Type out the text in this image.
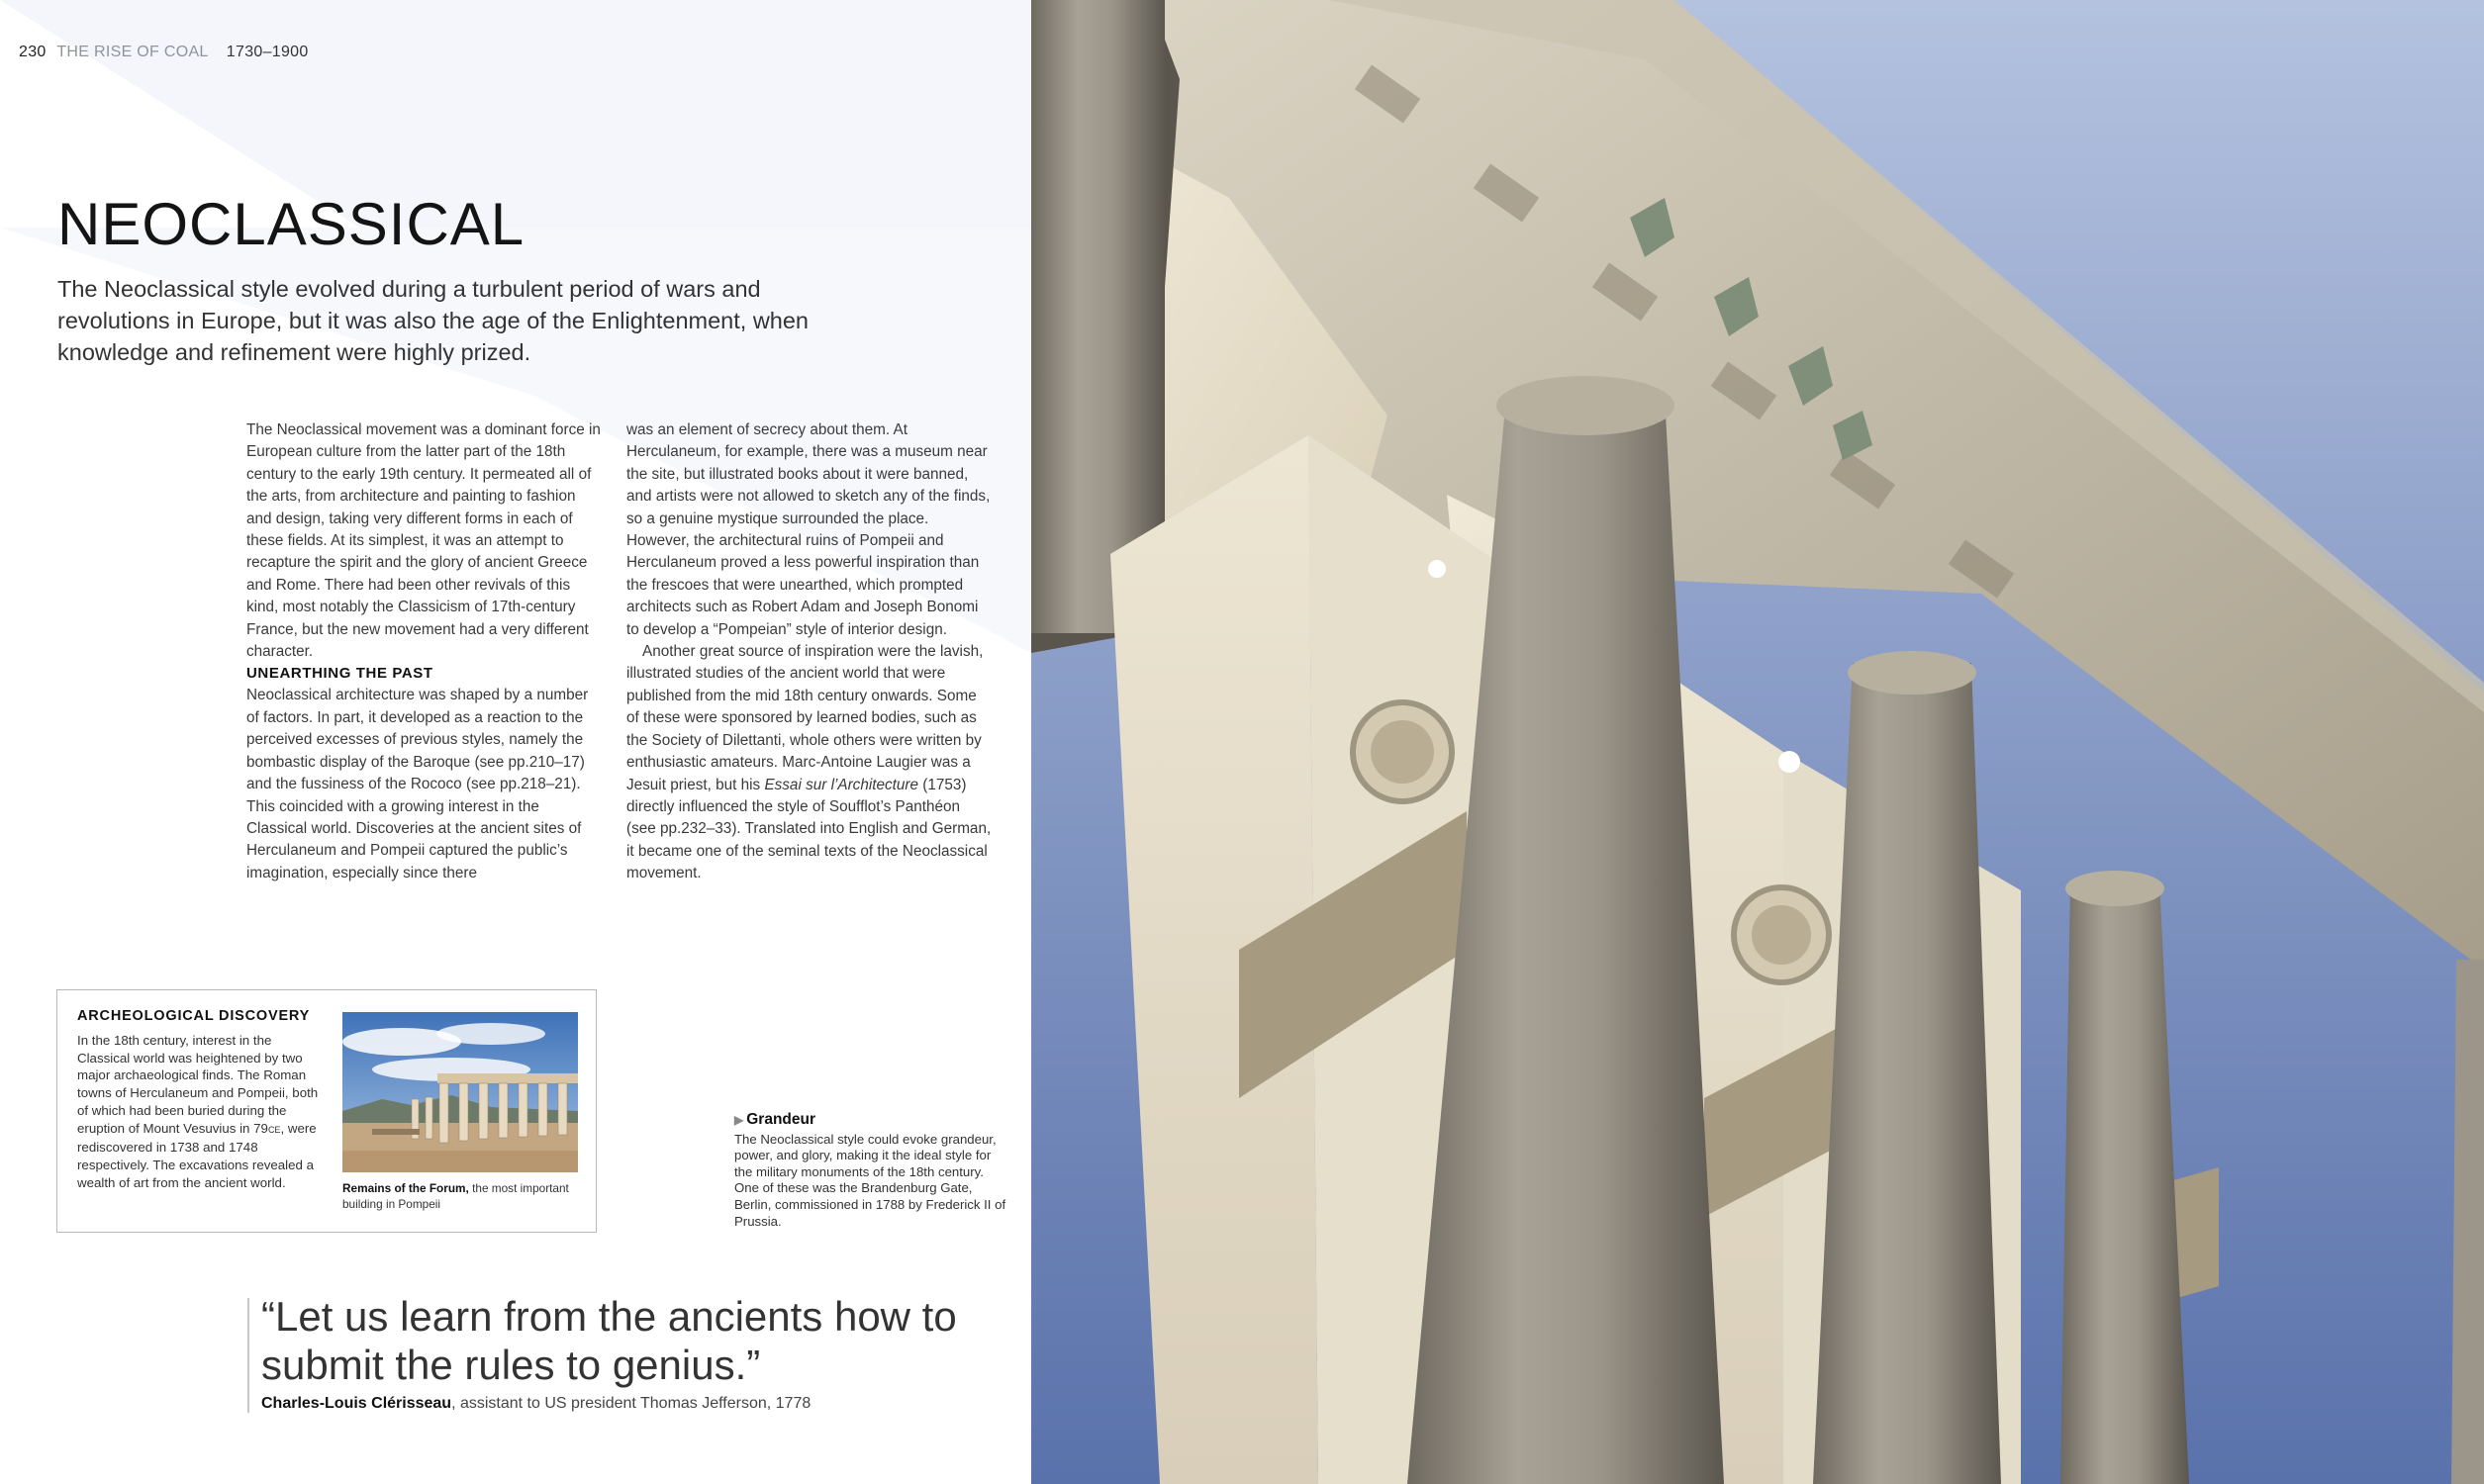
230 THE RISE OF COAL 1730–1900
NEOCLASSICAL

The Neoclassical style evolved during a turbulent period of wars and revolutions in Europe, but it was also the age of the Enlightenment, when knowledge and refinement were highly prized.

The Neoclassical movement was a dominant force in European culture from the latter part of the 18th century to the early 19th century. It permeated all of the arts, from architecture and painting to fashion and design, taking very different forms in each of these fields. At its simplest, it was an attempt to recapture the spirit and the glory of ancient Greece and Rome. There had been other revivals of this kind, most notably the Classicism of 17th-century France, but the new movement had a very different character.

UNEARTHING THE PAST

Neoclassical architecture was shaped by a number of factors. In part, it developed as a reaction to the perceived excesses of previous styles, namely the bombastic display of the Baroque (see pp.210–17) and the fussiness of the Rococo (see pp.218–21). This coincided with a growing interest in the Classical world. Discoveries at the ancient sites of Herculaneum and Pompeii captured the public’s imagination, especially since there

was an element of secrecy about them. At Herculaneum, for example, there was a museum near the site, but illustrated books about it were banned, and artists were not allowed to sketch any of the finds, so a genuine mystique surrounded the place. However, the architectural ruins of Pompeii and Herculaneum proved a less powerful inspiration than the frescoes that were unearthed, which prompted architects such as Robert Adam and Joseph Bonomi to develop a “Pompeian” style of interior design.

Another great source of inspiration were the lavish, illustrated studies of the ancient world that were published from the mid 18th century onwards. Some of these were sponsored by learned bodies, such as the Society of Dilettanti, whole others were written by enthusiastic amateurs. Marc-Antoine Laugier was a Jesuit priest, but his Essai sur l’Architecture (1753) directly influenced the style of Soufflot’s Panthéon (see pp.232–33). Translated into English and German, it became one of the seminal texts of the Neoclassical movement.

ARCHEOLOGICAL DISCOVERY
In the 18th century, interest in the Classical world was heightened by two major archaeological finds. The Roman towns of Herculaneum and Pompeii, both of which had been buried during the eruption of Mount Vesuvius in 79CE, were rediscovered in 1738 and 1748 respectively. The excavations revealed a wealth of art from the ancient world.	Remains of the Forum, the most important building in Pompeii
▶ Grandeur
The Neoclassical style could evoke grandeur, power, and glory, making it the ideal style for the military monuments of the 18th century. One of these was the Brandenburg Gate, Berlin, commissioned in 1788 by Frederick II of Prussia.
“Let us learn from the ancients how to submit the rules to genius.”
Charles-Louis Clérisseau, assistant to US president Thomas Jefferson, 1778
